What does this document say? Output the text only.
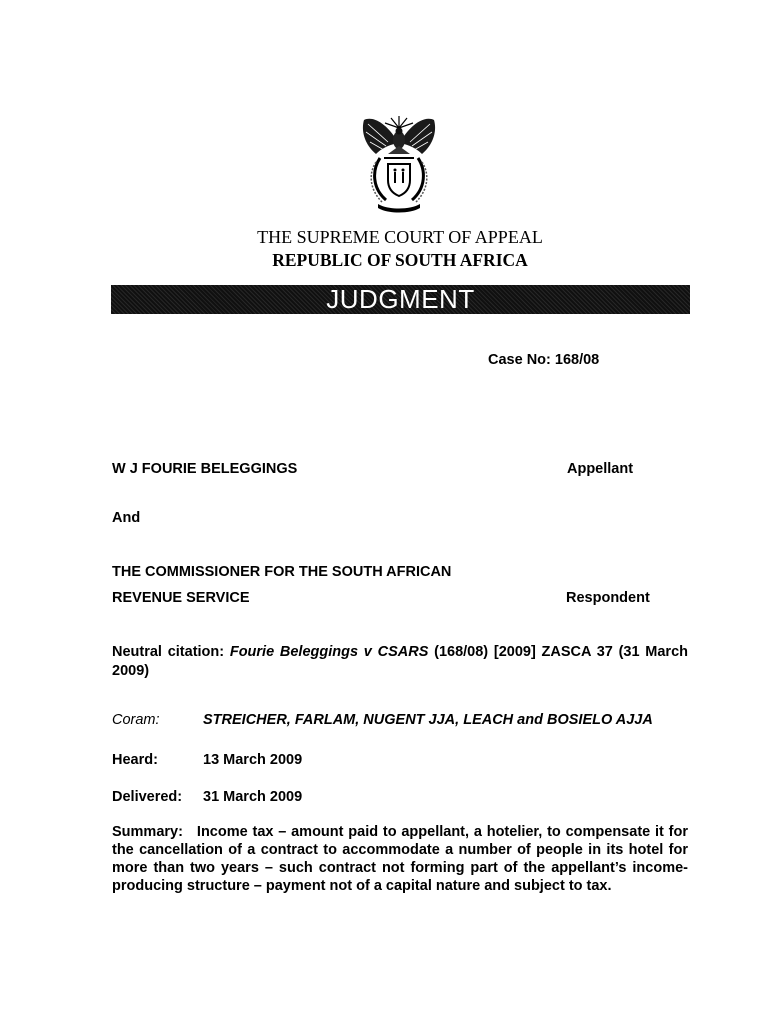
THE SUPREME COURT OF APPEAL
REPUBLIC OF SOUTH AFRICA
JUDGMENT
Case No: 168/08
W J FOURIE BELEGGINGS	Appellant
And
THE COMMISSIONER FOR THE SOUTH AFRICAN
REVENUE SERVICE	Respondent
Neutral citation: Fourie Beleggings v CSARS (168/08) [2009] ZASCA 37 (31 March 2009)
Coram:	STREICHER, FARLAM, NUGENT JJA, LEACH and BOSIELO AJJA
Heard:	13 March 2009
Delivered: 31 March 2009
Summary: Income tax – amount paid to appellant, a hotelier, to compensate it for the cancellation of a contract to accommodate a number of people in its hotel for more than two years – such contract not forming part of the appellant’s income- producing structure – payment not of a capital nature and subject to tax.
